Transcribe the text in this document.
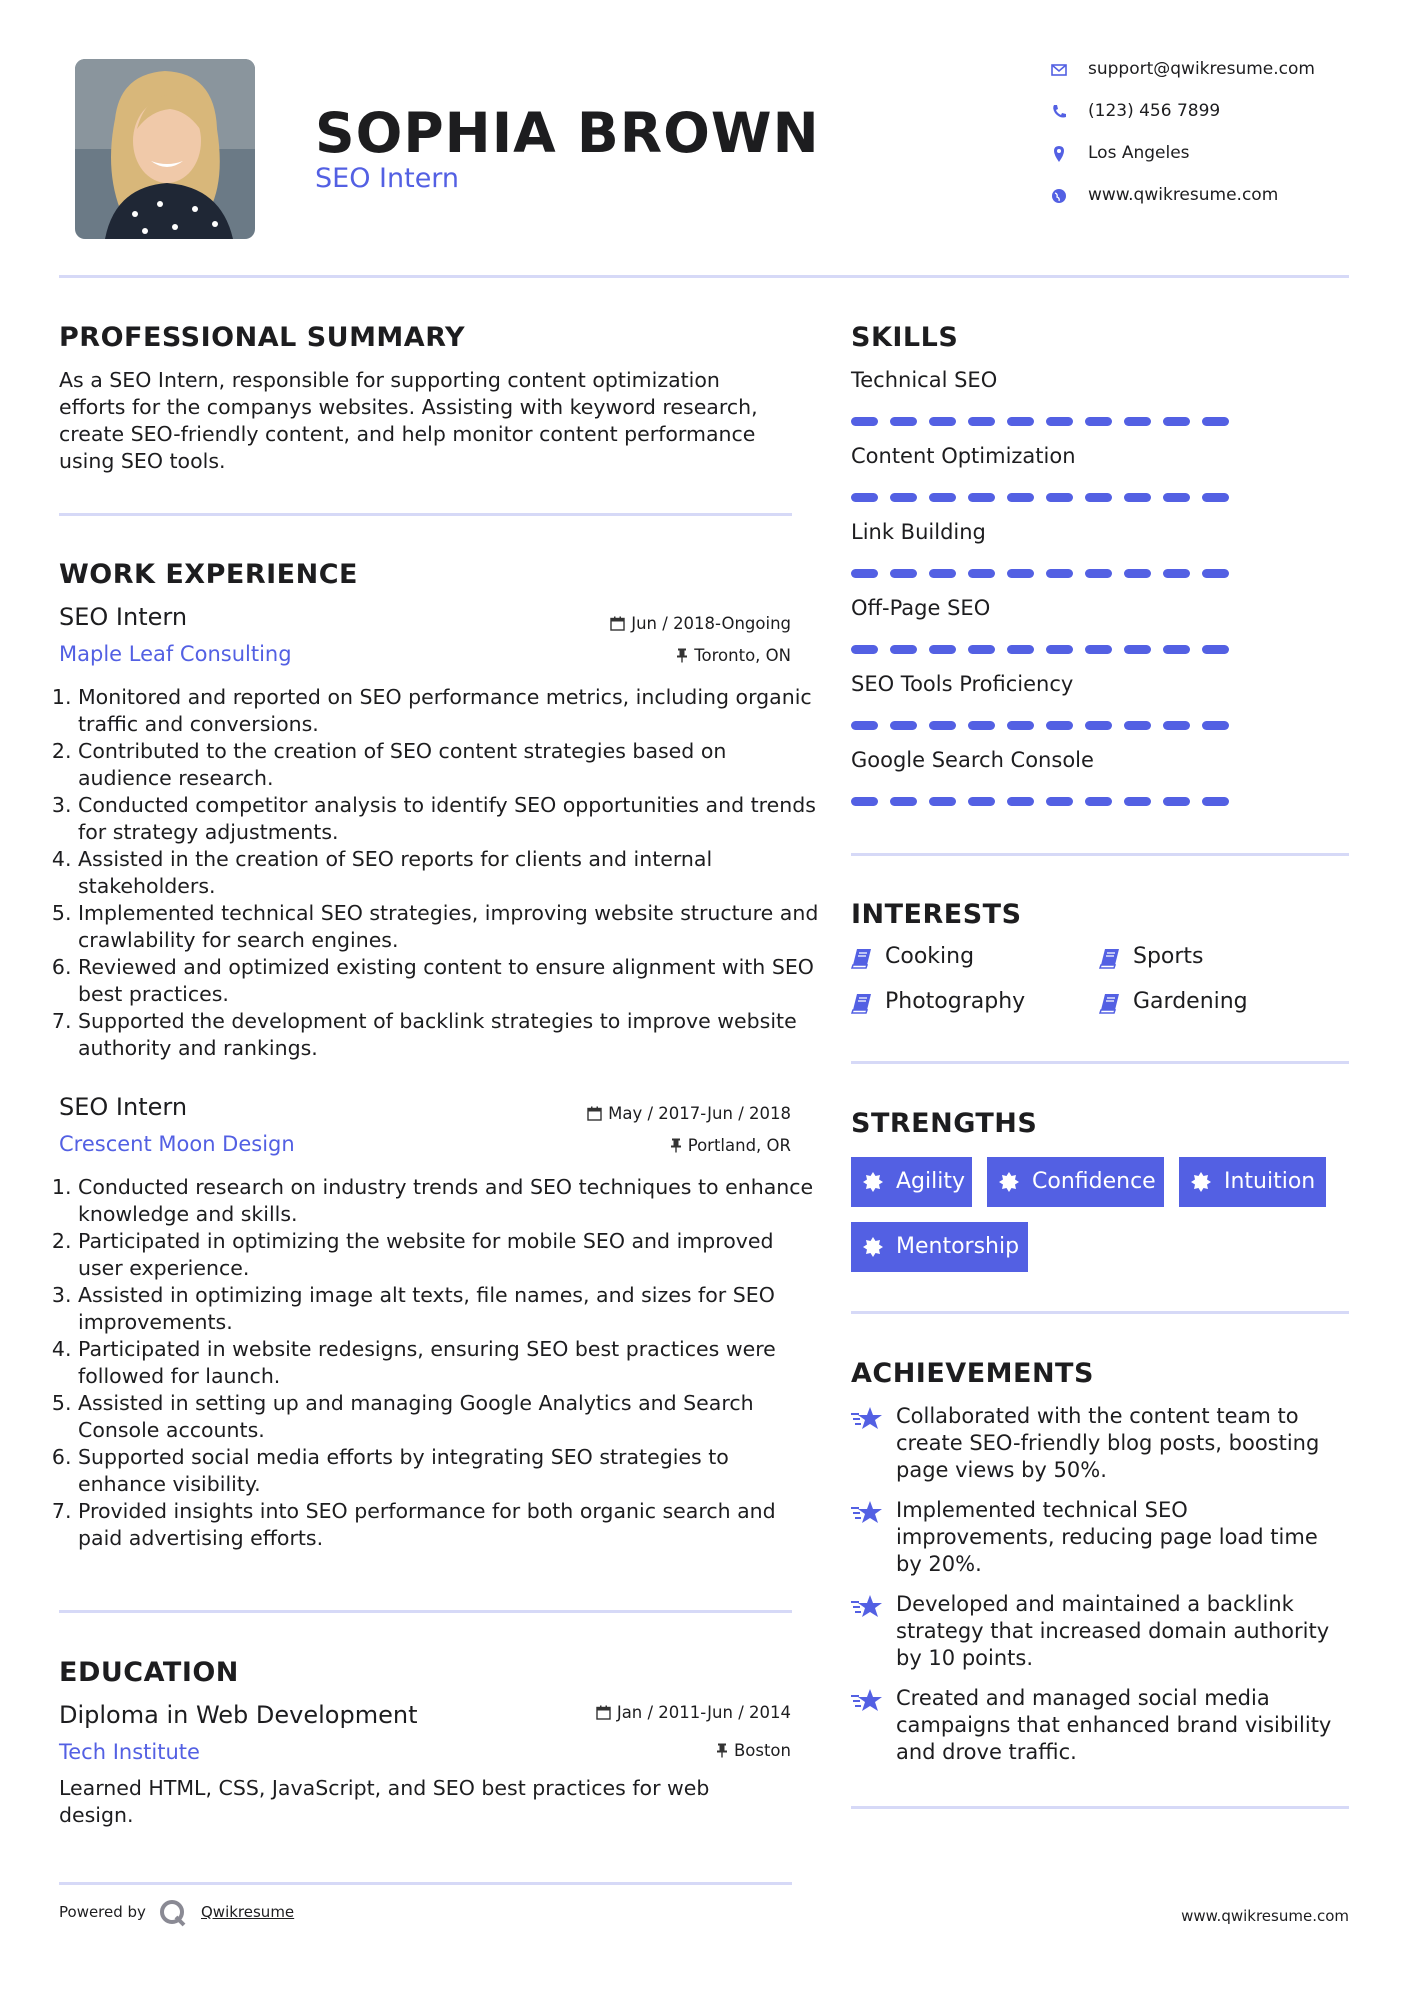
SOPHIA BROWN
SEO Intern
support@qwikresume.com
(123) 456 7899
Los Angeles
www.qwikresume.com
PROFESSIONAL SUMMARY
As a SEO Intern, responsible for supporting content optimization efforts for the companys websites. Assisting with keyword research, create SEO-friendly content, and help monitor content performance using SEO tools.
WORK EXPERIENCE
SEO Intern	Jun / 2018-Ongoing
Maple Leaf Consulting	Toronto, ON
1. Monitored and reported on SEO performance metrics, including organic traffic and conversions.
2. Contributed to the creation of SEO content strategies based on audience research.
3. Conducted competitor analysis to identify SEO opportunities and trends for strategy adjustments.
4. Assisted in the creation of SEO reports for clients and internal stakeholders.
5. Implemented technical SEO strategies, improving website structure and crawlability for search engines.
6. Reviewed and optimized existing content to ensure alignment with SEO best practices.
7. Supported the development of backlink strategies to improve website authority and rankings.
SEO Intern	May / 2017-Jun / 2018
Crescent Moon Design	Portland, OR
1. Conducted research on industry trends and SEO techniques to enhance knowledge and skills.
2. Participated in optimizing the website for mobile SEO and improved user experience.
3. Assisted in optimizing image alt texts, file names, and sizes for SEO improvements.
4. Participated in website redesigns, ensuring SEO best practices were followed for launch.
5. Assisted in setting up and managing Google Analytics and Search Console accounts.
6. Supported social media efforts by integrating SEO strategies to enhance visibility.
7. Provided insights into SEO performance for both organic search and paid advertising efforts.
EDUCATION
Diploma in Web Development	Jan / 2011-Jun / 2014
Tech Institute	Boston
Learned HTML, CSS, JavaScript, and SEO best practices for web design.
SKILLS
Technical SEO
Content Optimization
Link Building
Off-Page SEO
SEO Tools Proficiency
Google Search Console
INTERESTS
Cooking	Sports
Photography	Gardening
STRENGTHS
Agility	Confidence	Intuition
Mentorship
ACHIEVEMENTS
Collaborated with the content team to create SEO-friendly blog posts, boosting page views by 50%.
Implemented technical SEO improvements, reducing page load time by 20%.
Developed and maintained a backlink strategy that increased domain authority by 10 points.
Created and managed social media campaigns that enhanced brand visibility and drove traffic.
Powered by	Qwikresume	www.qwikresume.com
